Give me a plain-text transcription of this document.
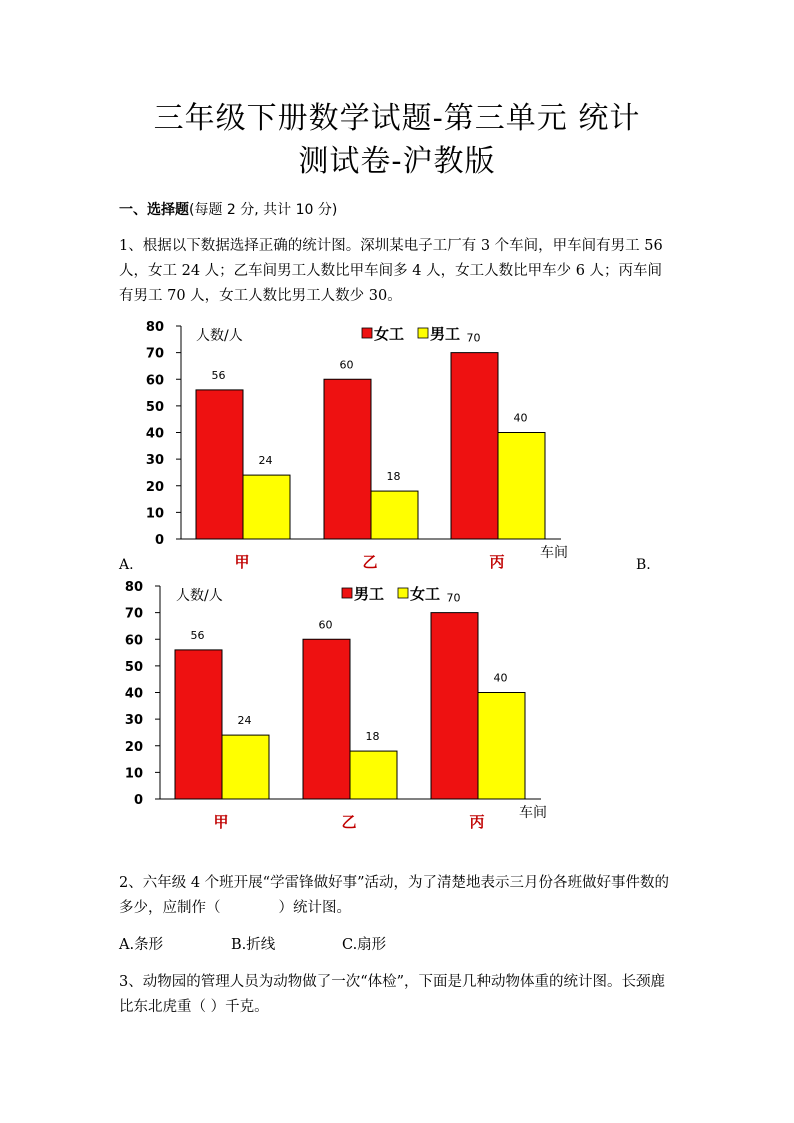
三年级下册数学试题-第三单元 统计
测试卷-沪教版
一、选择题(每题 2 分, 共计 10 分)

1、根据以下数据选择正确的统计图。深圳某电子工厂有 3 个车间，甲车间有男工 56 人，女工 24 人；乙车间男工人数比甲车间多 4 人，女工人数比甲车少 6 人；丙车间有男工 70 人，女工人数比男工人数少 30。

0
10
20
30
40
50
60
70
80
56
60
70
24
18
40
甲	乙	丙
人数/人
车间
女工 男工
0
10
20
30
40
50
60
70
80
56
60
70
24
18
40
甲	乙	丙
人数/人
车间
男工 女工
A.	B.

2、六年级 4 个班开展“学雷锋做好事”活动，为了清楚地表示三月份各班做好事件数的多少，应制作（　　　　）统计图。

A.条形	B.折线	C.扇形

3、动物园的管理人员为动物做了一次“体检”，下面是几种动物体重的统计图。长颈鹿比东北虎重（ ）千克。
